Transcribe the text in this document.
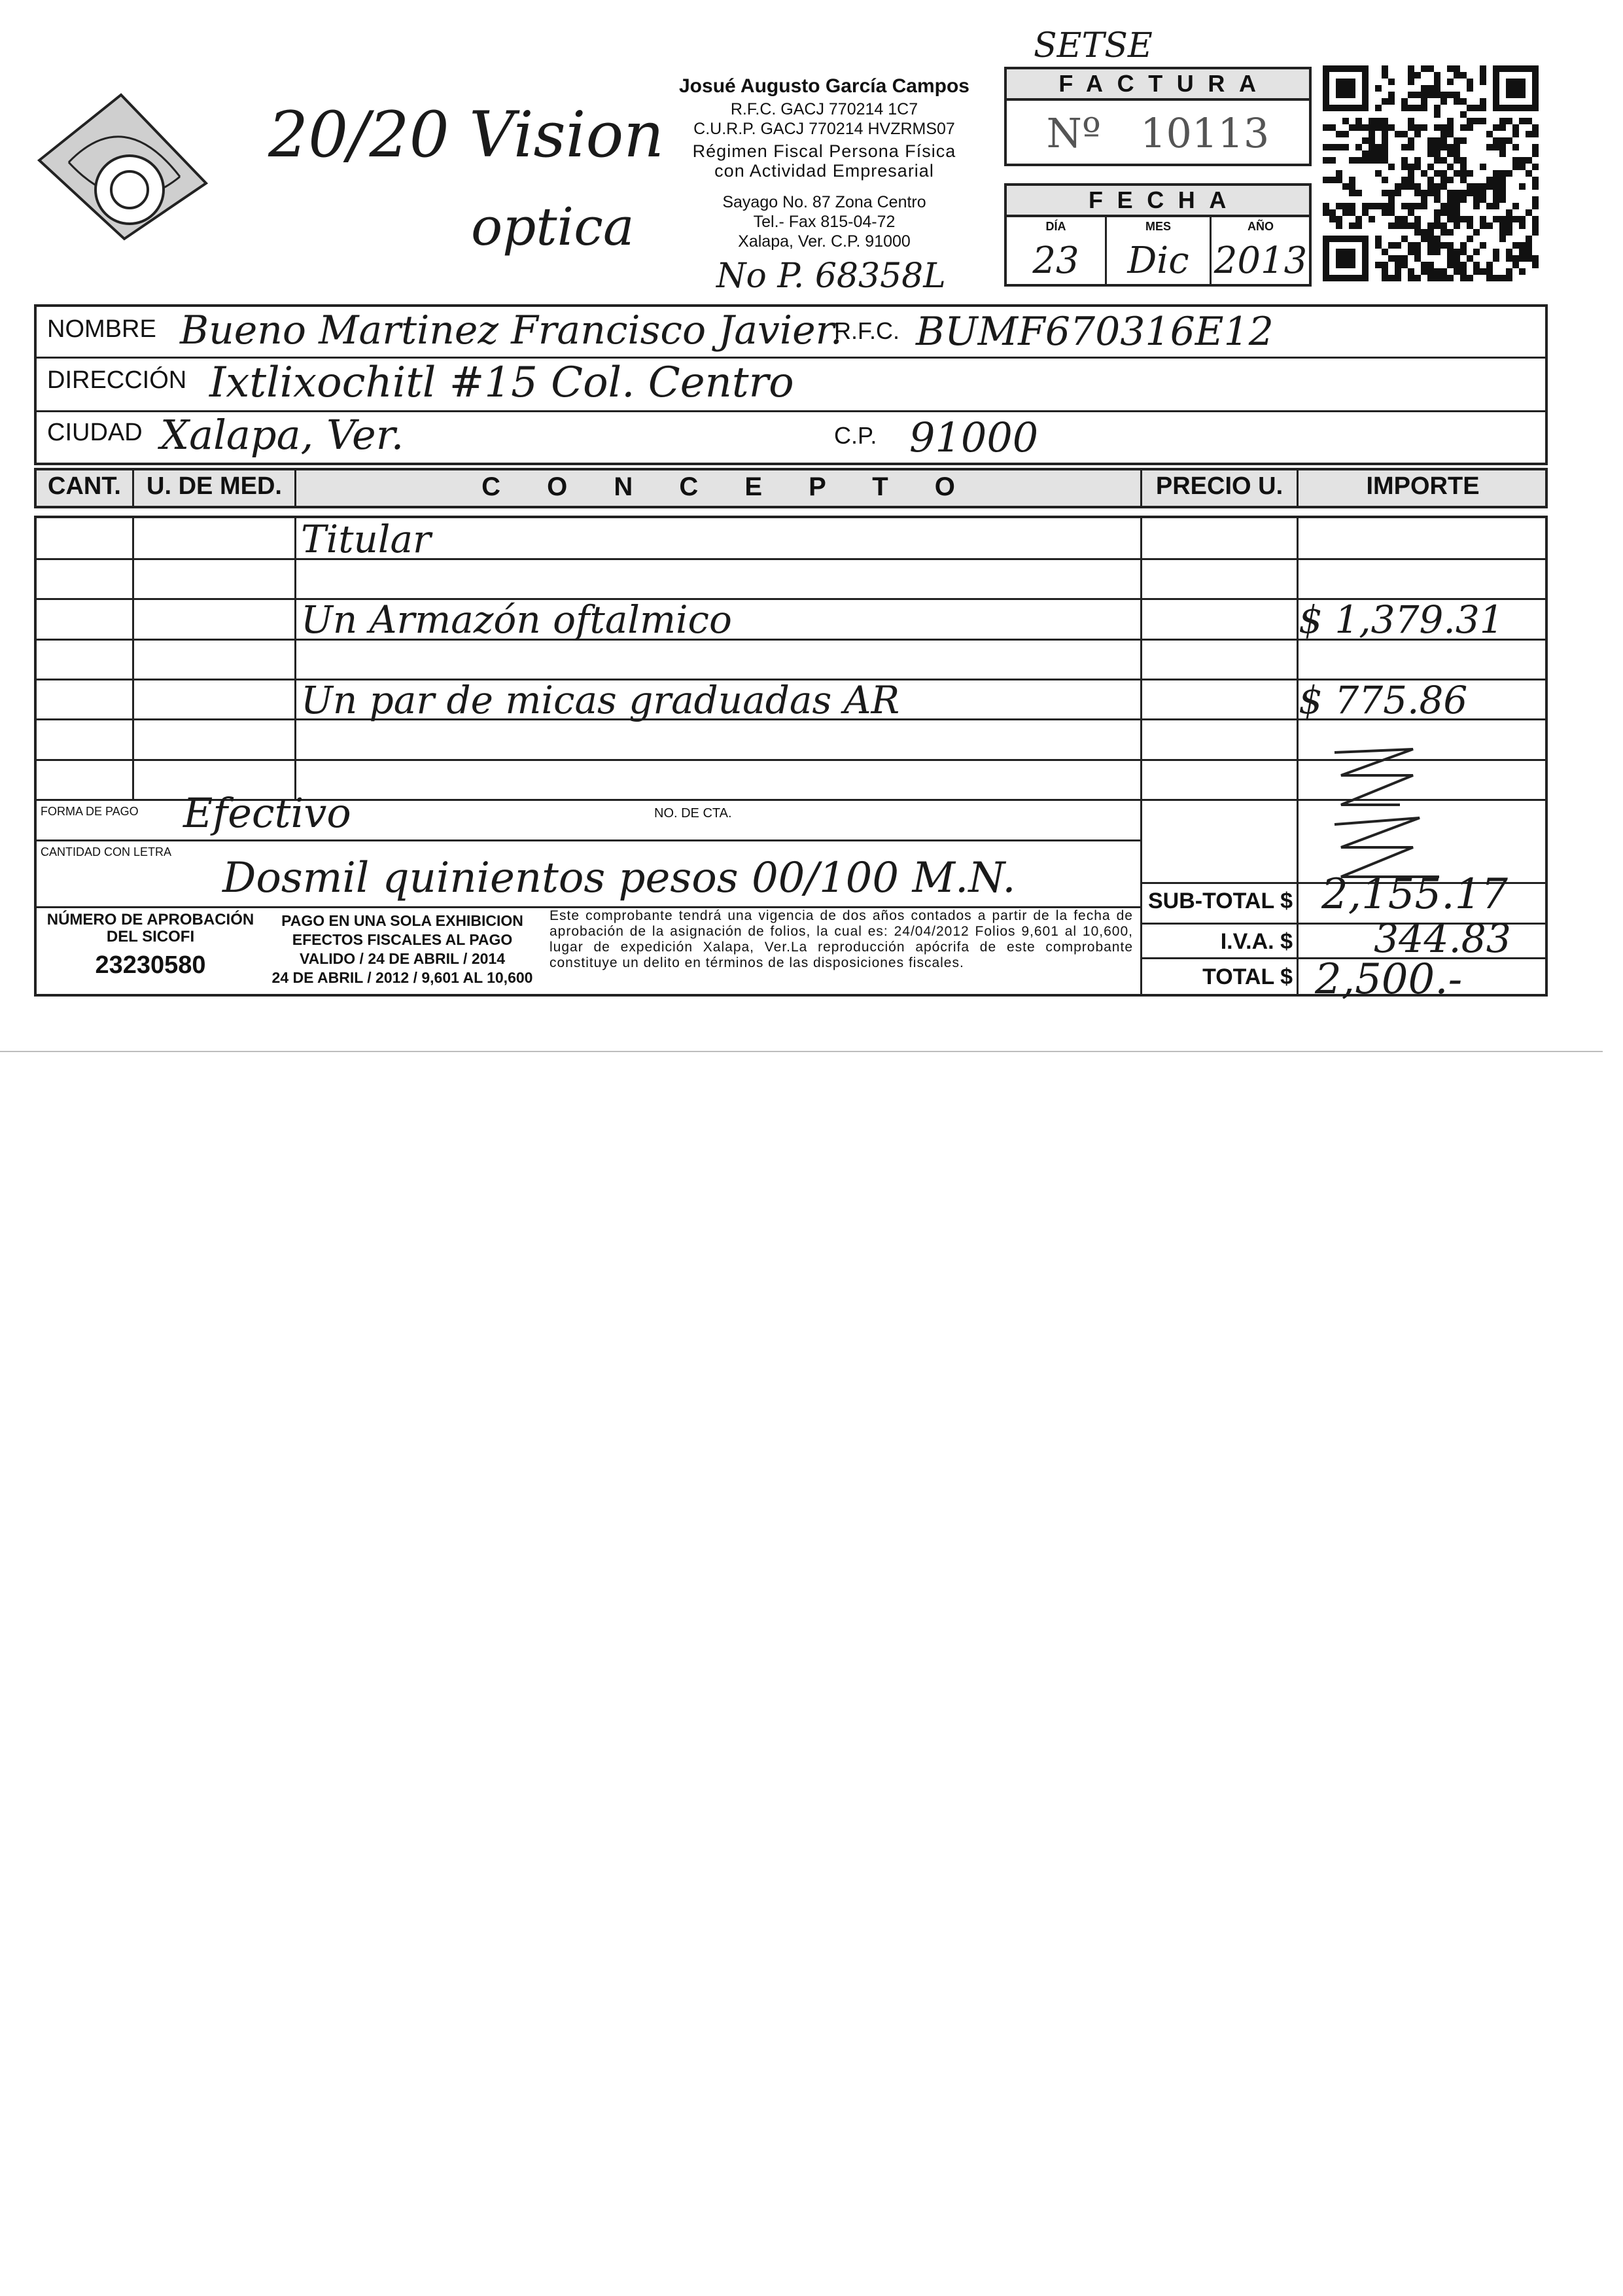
20/20 Vision
optica
Josué Augusto García Campos
R.F.C. GACJ 770214 1C7
C.U.R.P. GACJ 770214 HVZRMS07
Régimen Fiscal Persona Física
con Actividad Empresarial
Sayago No. 87 Zona Centro
Tel.- Fax 815-04-72
Xalapa, Ver. C.P. 91000
No P. 68358L
SETSE
FACTURA
Nº 10113
FECHA
DÍA	MES	AÑO
23	Dic 2013
NOMBRE Bueno Martinez Francisco Javier.
R.F.C. BUMF670316E12
DIRECCIÓN Ixtlixochitl #15 Col. Centro
CIUDAD Xalapa, Ver.	C.P. 91000
CANT.	U. DE MED.	C O N C E P T O	PRECIO U.	IMPORTE
Titular
Un Armazón oftalmico	$ 1,379.31
Un par de micas graduadas AR	$ 775.86
FORMA DE PAGO Efectivo	NO. DE CTA.
CANTIDAD CON LETRA
Dosmil quinientos pesos 00/100 M.N.
NÚMERO DE APROBACIÓN
DEL SICOFI
23230580
PAGO EN UNA SOLA EXHIBICION
EFECTOS FISCALES AL PAGO
VALIDO / 24 DE ABRIL / 2014
24 DE ABRIL / 2012 / 9,601 AL 10,600
Este comprobante tendrá una vigencia de dos años contados a partir de la fecha de aprobación de la asignación de folios, la cual es: 24/04/2012 Folios 9,601 al 10,600, lugar de expedición Xalapa, Ver.La reproducción apócrifa de este comprobante constituye un delito en términos de las disposiciones fiscales.
SUB-TOTAL $ 2,155.17
I.V.A. $ 344.83
TOTAL $ 2,500.-
